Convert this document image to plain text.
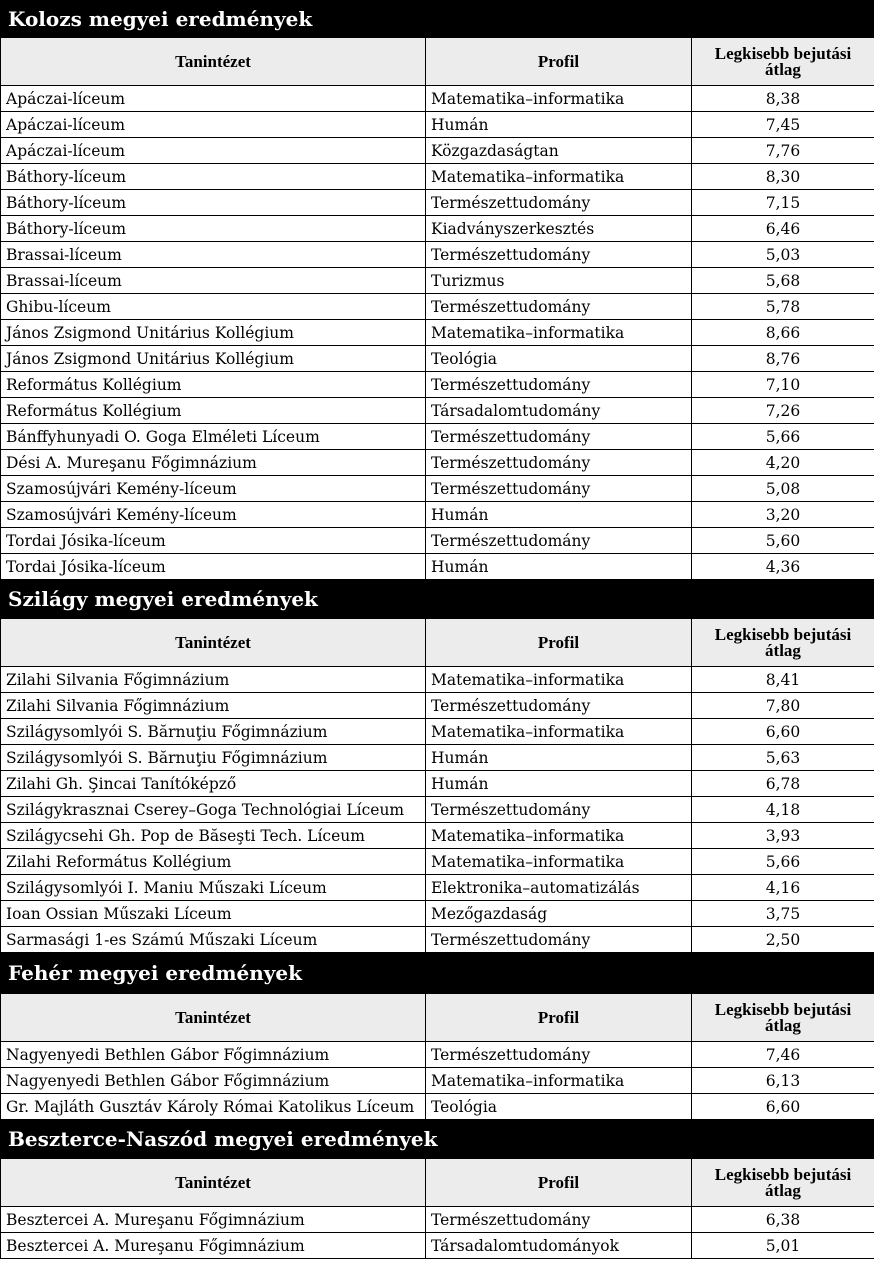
Kolozs megyei eredmények
Tanintézet	Profil	Legkisebb bejutási átlag
Apáczai-líceum	Matematika–informatika	8,38
Apáczai-líceum	Humán	7,45
Apáczai-líceum	Közgazdaságtan	7,76
Báthory-líceum	Matematika–informatika	8,30
Báthory-líceum	Természettudomány	7,15
Báthory-líceum	Kiadványszerkesztés	6,46
Brassai-líceum	Természettudomány	5,03
Brassai-líceum	Turizmus	5,68
Ghibu-líceum	Természettudomány	5,78
János Zsigmond Unitárius Kollégium	Matematika–informatika	8,66
János Zsigmond Unitárius Kollégium	Teológia	8,76
Református Kollégium	Természettudomány	7,10
Református Kollégium	Társadalomtudomány	7,26
Bánffyhunyadi O. Goga Elméleti Líceum	Természettudomány	5,66
Dési A. Mureşanu Főgimnázium	Természettudomány	4,20
Szamosújvári Kemény-líceum	Természettudomány	5,08
Szamosújvári Kemény-líceum	Humán	3,20
Tordai Jósika-líceum	Természettudomány	5,60
Tordai Jósika-líceum	Humán	4,36
Szilágy megyei eredmények
Tanintézet	Profil	Legkisebb bejutási átlag
Zilahi Silvania Főgimnázium	Matematika–informatika	8,41
Zilahi Silvania Főgimnázium	Természettudomány	7,80
Szilágysomlyói S. Bărnuţiu Főgimnázium	Matematika–informatika	6,60
Szilágysomlyói S. Bărnuţiu Főgimnázium	Humán	5,63
Zilahi Gh. Şincai Tanítóképző	Humán	6,78
Szilágykrasznai Cserey–Goga Technológiai Líceum	Természettudomány	4,18
Szilágycsehi Gh. Pop de Băseşti Tech. Líceum	Matematika–informatika	3,93
Zilahi Református Kollégium	Matematika–informatika	5,66
Szilágysomlyói I. Maniu Műszaki Líceum	Elektronika–automatizálás	4,16
Ioan Ossian Műszaki Líceum	Mezőgazdaság	3,75
Sarmasági 1-es Számú Műszaki Líceum	Természettudomány	2,50
Fehér megyei eredmények
Tanintézet	Profil	Legkisebb bejutási átlag
Nagyenyedi Bethlen Gábor Főgimnázium	Természettudomány	7,46
Nagyenyedi Bethlen Gábor Főgimnázium	Matematika–informatika	6,13
Gr. Majláth Gusztáv Károly Római Katolikus Líceum	Teológia	6,60
Beszterce-Naszód megyei eredmények
Tanintézet	Profil	Legkisebb bejutási átlag
Besztercei A. Mureşanu Főgimnázium	Természettudomány	6,38
Besztercei A. Mureşanu Főgimnázium	Társadalomtudományok	5,01
